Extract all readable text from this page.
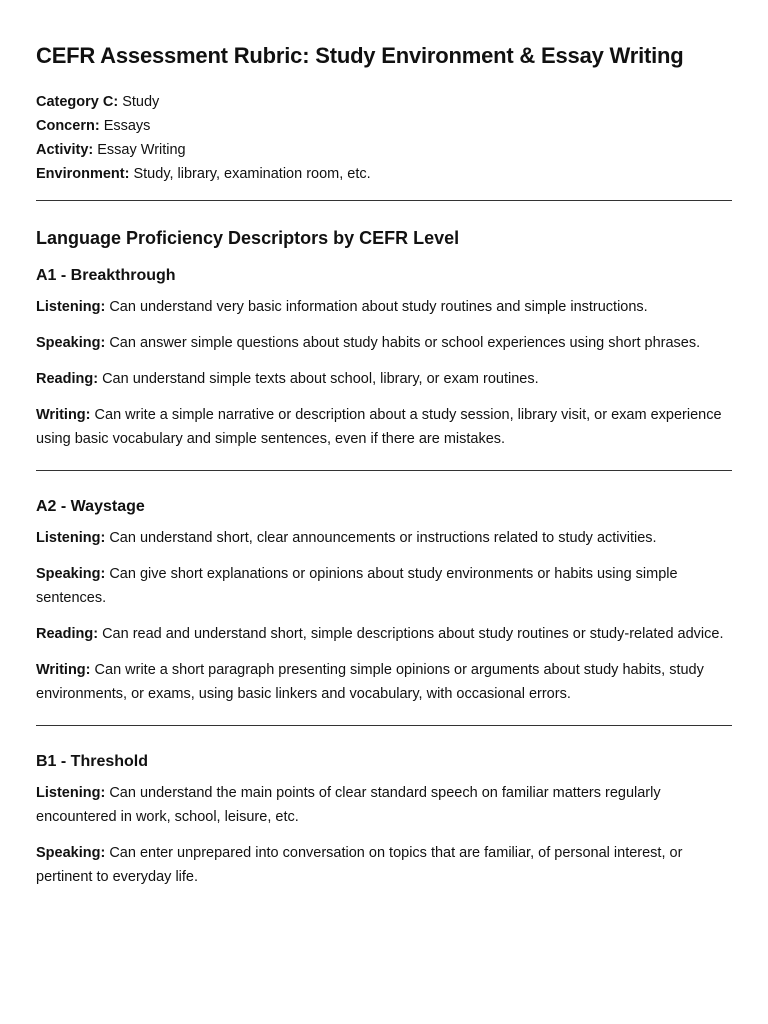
CEFR Assessment Rubric: Study Environment & Essay Writing

Category C: Study

Concern: Essays

Activity: Essay Writing

Environment: Study, library, examination room, etc.

Language Proficiency Descriptors by CEFR Level
A1 - Breakthrough

Listening: Can understand very basic information about study routines and simple instructions.

Speaking: Can answer simple questions about study habits or school experiences using short phrases.

Reading: Can understand simple texts about school, library, or exam routines.

Writing: Can write a simple narrative or description about a study session, library visit, or exam experience using basic vocabulary and simple sentences, even if there are mistakes.

A2 - Waystage

Listening: Can understand short, clear announcements or instructions related to study activities.

Speaking: Can give short explanations or opinions about study environments or habits using simple sentences.

Reading: Can read and understand short, simple descriptions about study routines or study-related advice.

Writing: Can write a short paragraph presenting simple opinions or arguments about study habits, study environments, or exams, using basic linkers and vocabulary, with occasional errors.

B1 - Threshold

Listening: Can understand the main points of clear standard speech on familiar matters regularly encountered in work, school, leisure, etc.

Speaking: Can enter unprepared into conversation on topics that are familiar, of personal interest, or pertinent to everyday life.
